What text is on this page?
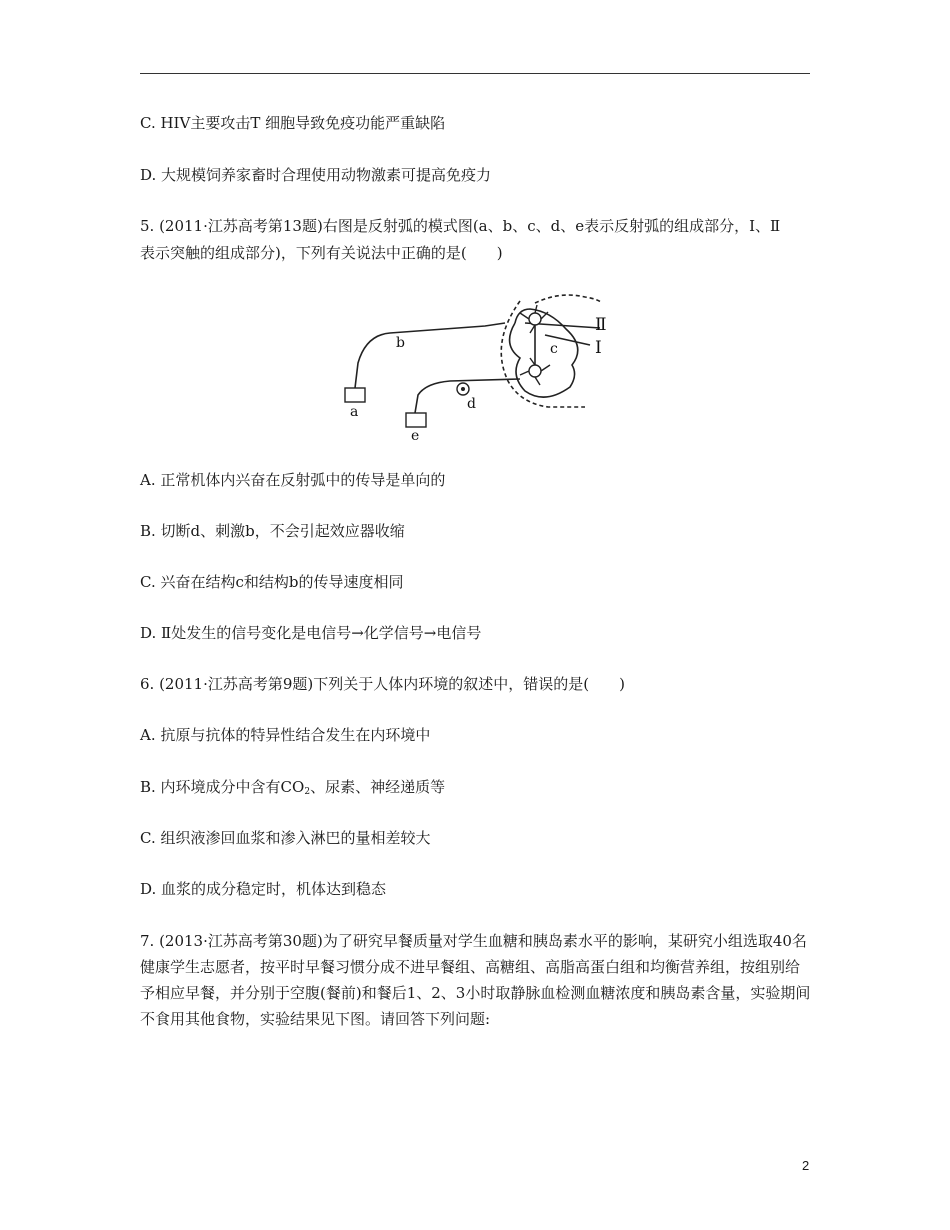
C. HIV主要攻击T 细胞导致免疫功能严重缺陷
D. 大规模饲养家畜时合理使用动物激素可提高免疫力
5. (2011·江苏高考第13题)右图是反射弧的模式图(a、b、c、d、e表示反射弧的组成部分，Ⅰ、Ⅱ
表示突触的组成部分)，下列有关说法中正确的是(　　)
a
b	c
d
e
Ⅱ
Ⅰ
A. 正常机体内兴奋在反射弧中的传导是单向的
B. 切断d、刺激b，不会引起效应器收缩
C. 兴奋在结构c和结构b的传导速度相同
D. Ⅱ处发生的信号变化是电信号→化学信号→电信号
6. (2011·江苏高考第9题)下列关于人体内环境的叙述中，错误的是(　　)
A. 抗原与抗体的特异性结合发生在内环境中
B. 内环境成分中含有$CO_2$、尿素、神经递质等
C. 组织液渗回血浆和渗入淋巴的量相差较大
D. 血浆的成分稳定时，机体达到稳态
7. (2013·江苏高考第30题)为了研究早餐质量对学生血糖和胰岛素水平的影响，某研究小组选取40名健康学生志愿者，按平时早餐习惯分成不进早餐组、高糖组、高脂高蛋白组和均衡营养组，按组别给予相应早餐，并分别于空腹(餐前)和餐后1、2、3小时取静脉血检测血糖浓度和胰岛素含量，实验期间不食用其他食物，实验结果见下图。请回答下列问题:
2
